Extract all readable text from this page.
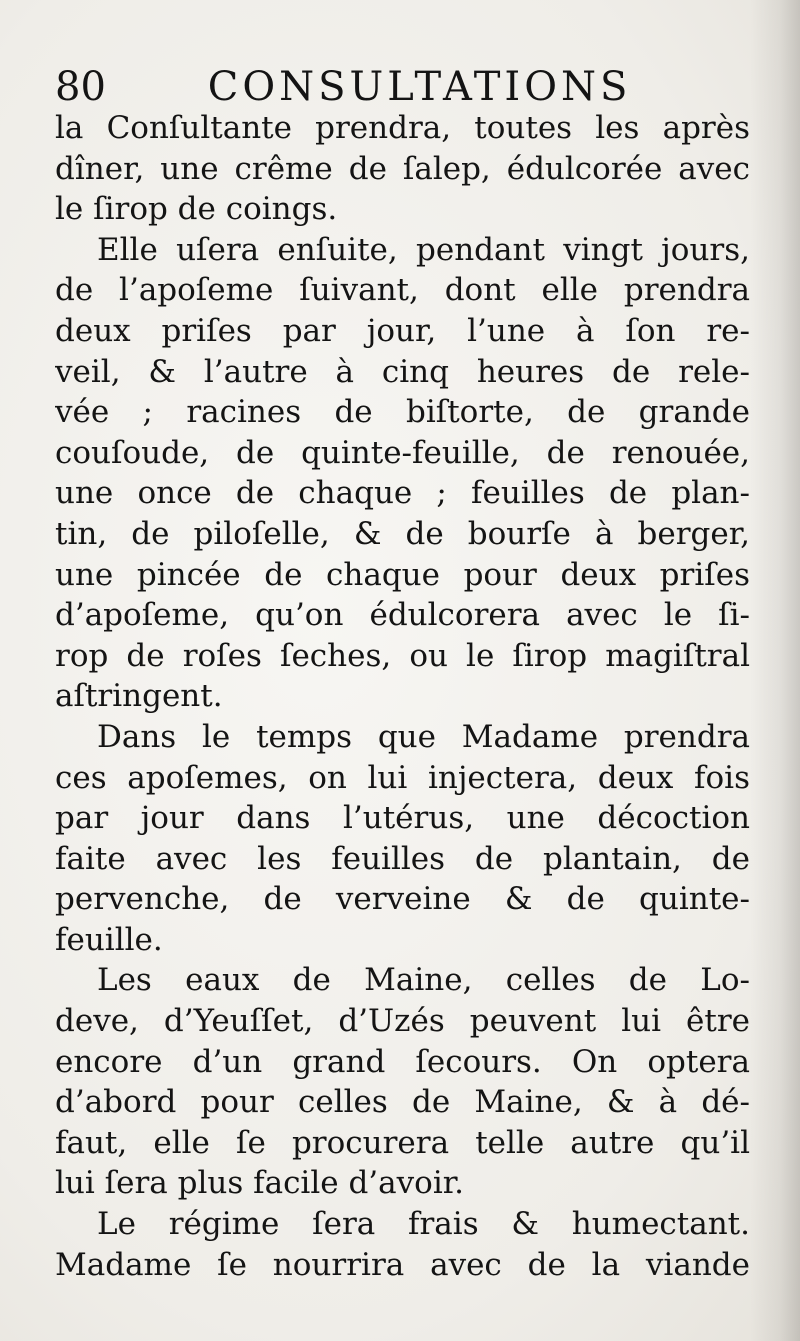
80	CONSULTATIONS
la Conſultante prendra, toutes les après
dîner, une crême de ſalep, édulcorée avec
le ſirop de coings.
Elle uſera enſuite, pendant vingt jours,
de l’apoſeme ſuivant, dont elle prendra
deux priſes par jour, l’une à ſon re-
veil, & l’autre à cinq heures de rele-
vée ; racines de biſtorte, de grande
couſoude, de quinte-feuille, de renouée,
une once de chaque ; feuilles de plan-
tin, de piloſelle, & de bourſe à berger,
une pincée de chaque pour deux priſes
d’apoſeme, qu’on édulcorera avec le ſi-
rop de roſes ſeches, ou le ſirop magiſtral
aſtringent.
Dans le temps que Madame prendra
ces apoſemes, on lui injectera, deux fois
par jour dans l’utérus, une décoction
faite avec les feuilles de plantain, de
pervenche, de verveine & de quinte-
feuille.
Les eaux de Maine, celles de Lo-
deve, d’Yeuſſet, d’Uzés peuvent lui être
encore d’un grand ſecours. On optera
d’abord pour celles de Maine, & à dé-
faut, elle ſe procurera telle autre qu’il
lui ſera plus facile d’avoir.
Le régime ſera frais & humectant.
Madame ſe nourrira avec de la viande
